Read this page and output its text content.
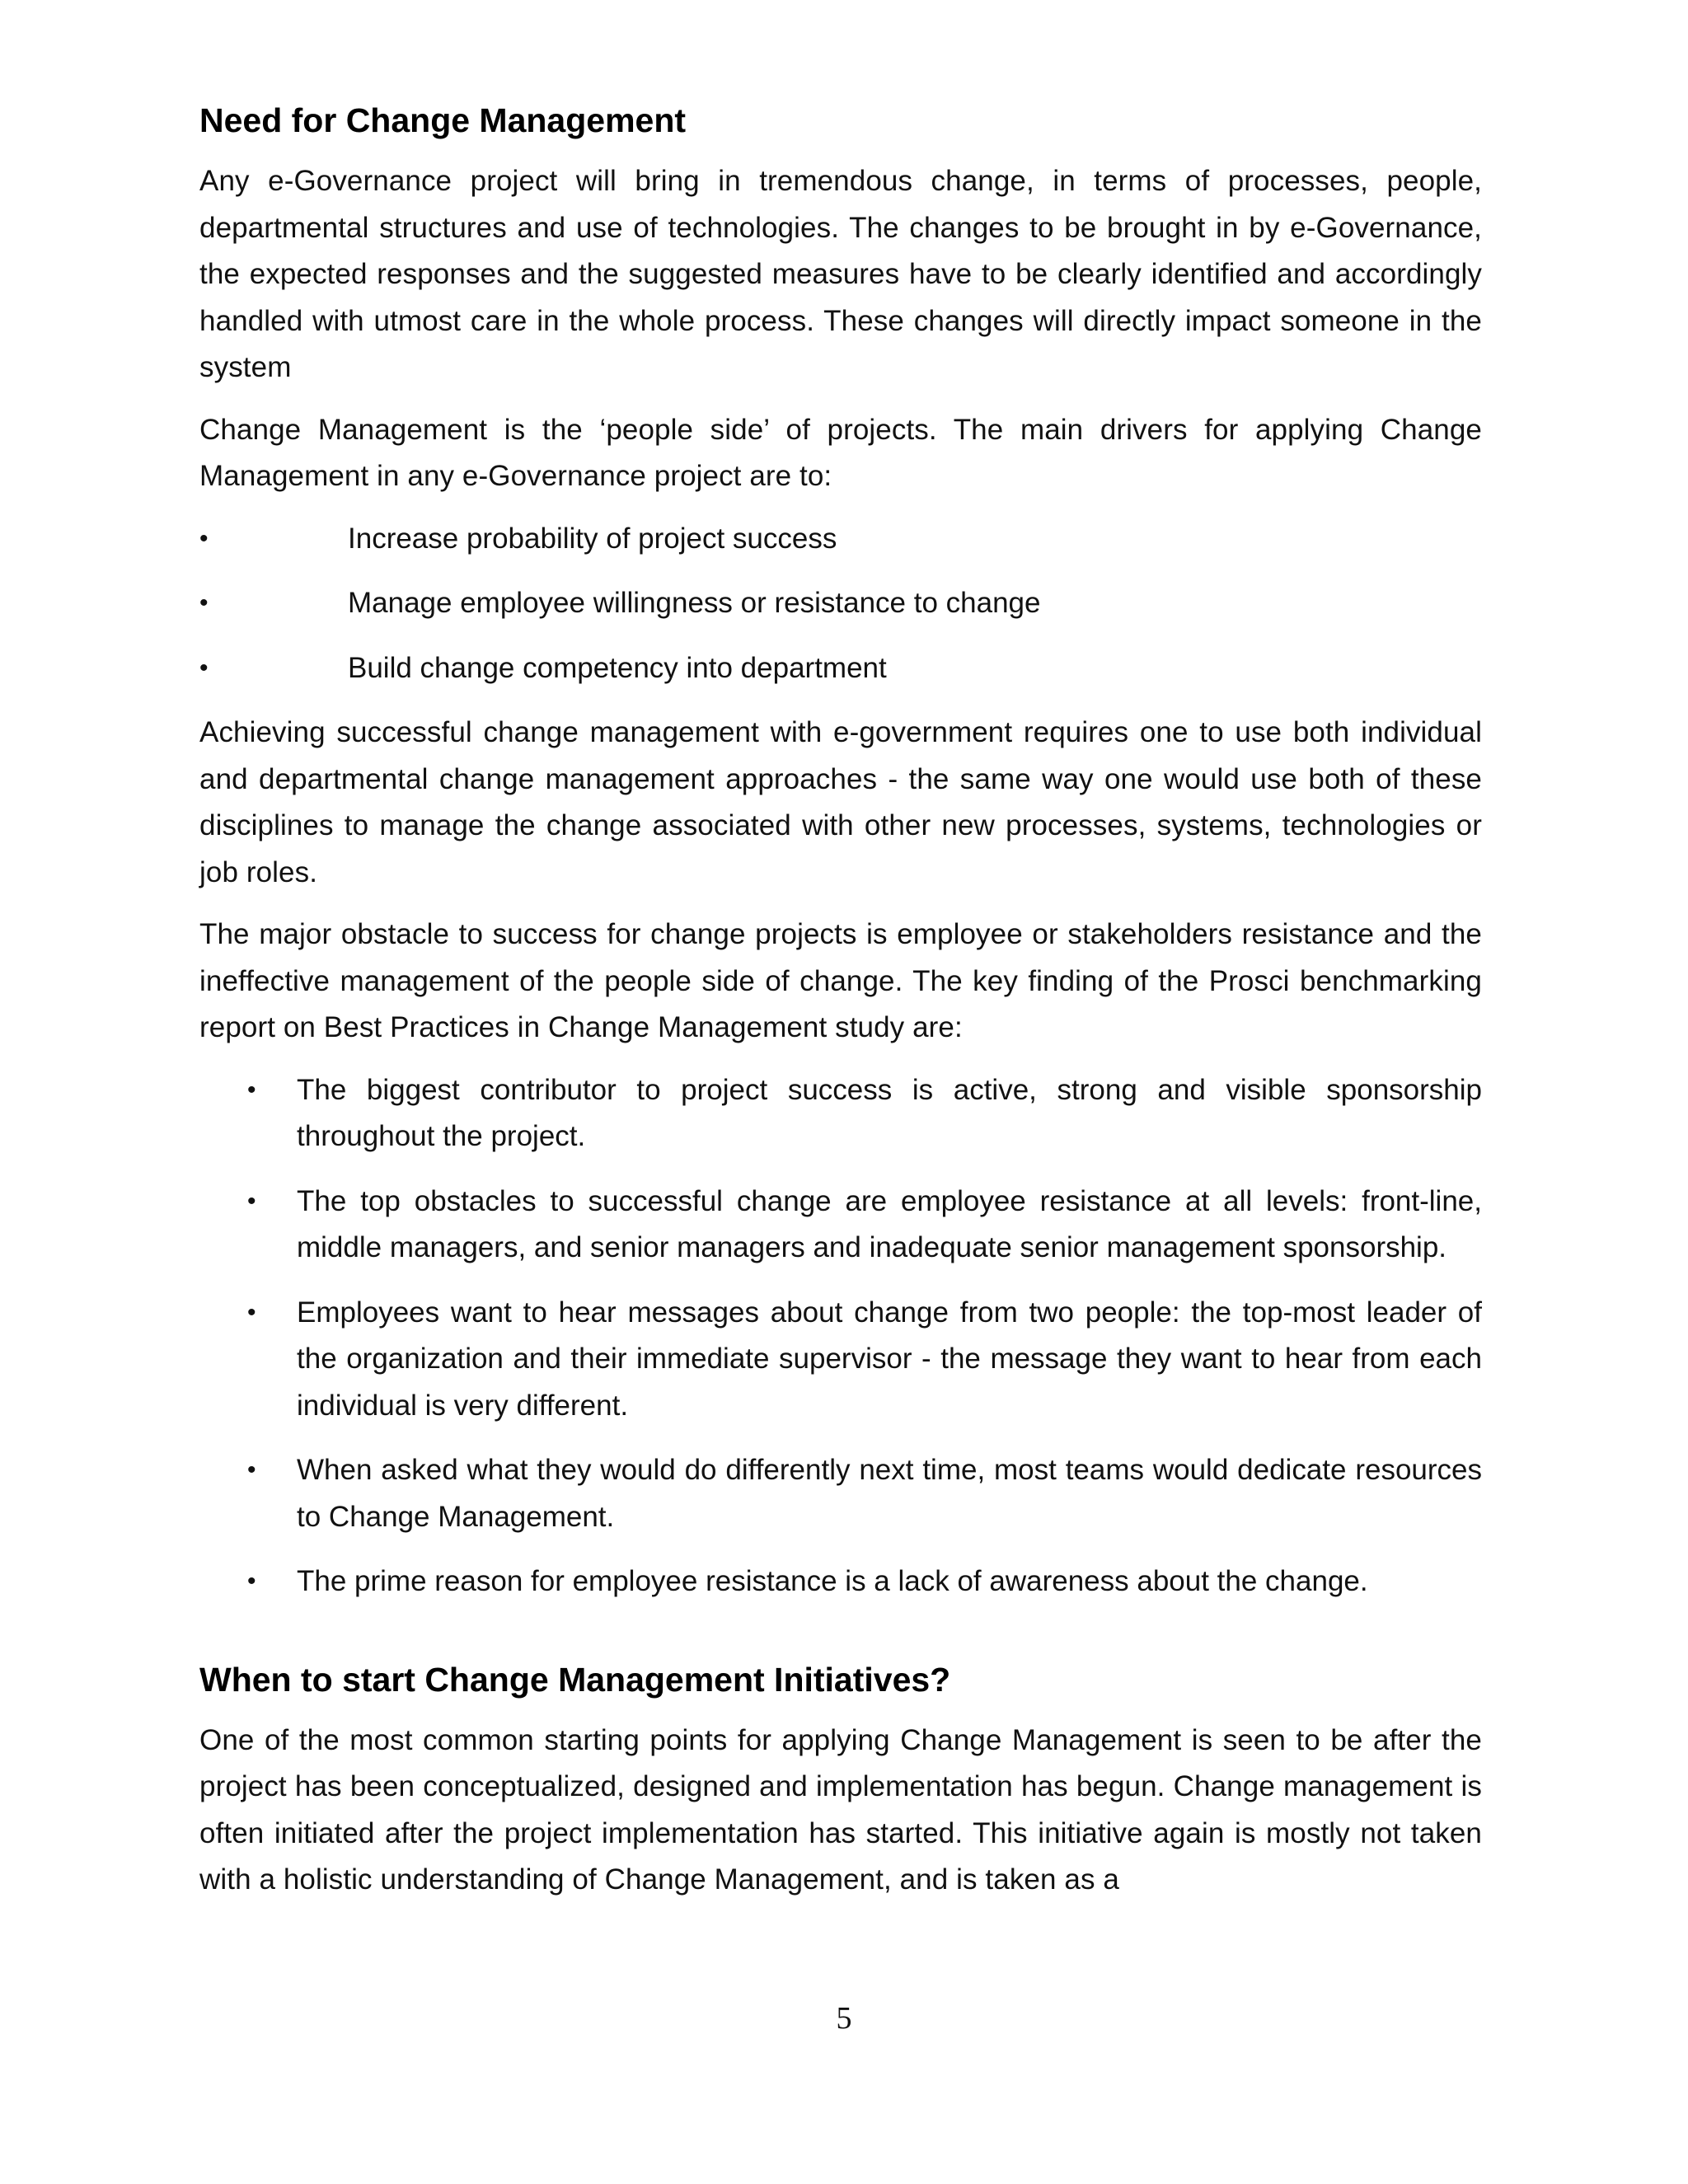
Need for Change Management

Any e-Governance project will bring in tremendous change, in terms of processes, people, departmental structures and use of technologies. The changes to be brought in by e-Governance, the expected responses and the suggested measures have to be clearly identified and accordingly handled with utmost care in the whole process. These changes will directly impact someone in the system

Change Management is the ‘people side’ of projects. The main drivers for applying Change Management in any e-Governance project are to:

•	Increase probability of project success
•	Manage employee willingness or resistance to change
•	Build change competency into department

Achieving successful change management with e-government requires one to use both individual and departmental change management approaches - the same way one would use both of these disciplines to manage the change associated with other new processes, systems, technologies or job roles.

The major obstacle to success for change projects is employee or stakeholders resistance and the ineffective management of the people side of change. The key finding of the Prosci benchmarking report on Best Practices in Change Management study are:

• The biggest contributor to project success is active, strong and visible sponsorship throughout the project.
• The top obstacles to successful change are employee resistance at all levels: front-line, middle managers, and senior managers and inadequate senior management sponsorship.
• Employees want to hear messages about change from two people: the top-most leader of the organization and their immediate supervisor - the message they want to hear from each individual is very different.
• When asked what they would do differently next time, most teams would dedicate resources to Change Management.
• The prime reason for employee resistance is a lack of awareness about the change.
When to start Change Management Initiatives?

One of the most common starting points for applying Change Management is seen to be after the project has been conceptualized, designed and implementation has begun. Change management is often initiated after the project implementation has started. This initiative again is mostly not taken with a holistic understanding of Change Management, and is taken as a

5
